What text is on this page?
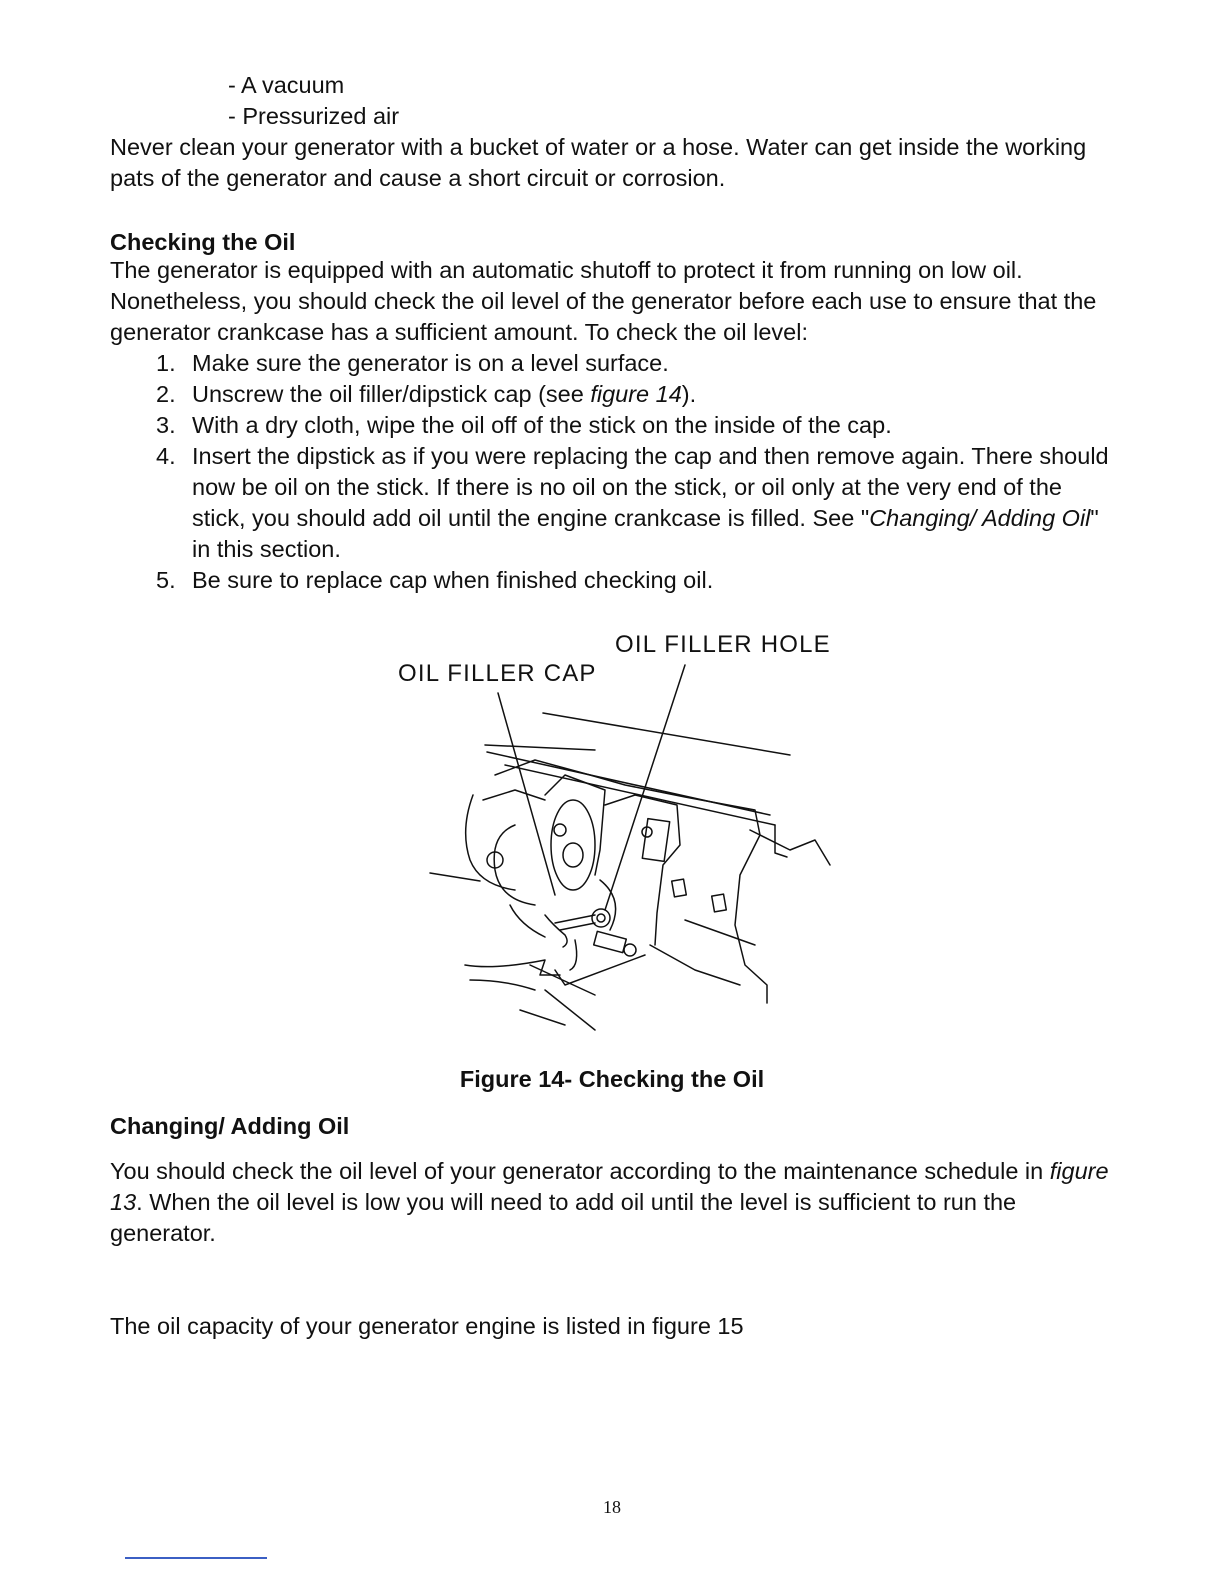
- A vacuum
- Pressurized air

Never clean your generator with a bucket of water or a hose. Water can get inside the working pats of the generator and cause a short circuit or corrosion.

Checking the Oil

The generator is equipped with an automatic shutoff to protect it from running on low oil. Nonetheless, you should check the oil level of the generator before each use to ensure that the generator crankcase has a sufficient amount. To check the oil level:

1. Make sure the generator is on a level surface.
2. Unscrew the oil filler/dipstick cap (see figure 14).
3. With a dry cloth, wipe the oil off of the stick on the inside of the cap.
4. Insert the dipstick as if you were replacing the cap and then remove again. There should now be oil on the stick. If there is no oil on the stick, or oil only at the very end of the stick, you should add oil until the engine crankcase is filled. See "Changing/ Adding Oil" in this section.
5. Be sure to replace cap when finished checking oil.
OIL FILLER HOLE
OIL FILLER CAP
Figure 14- Checking the Oil
Changing/ Adding Oil

You should check the oil level of your generator according to the maintenance schedule in figure 13. When the oil level is low you will need to add oil until the level is sufficient to run the generator.

The oil capacity of your generator engine is listed in figure 15

18
